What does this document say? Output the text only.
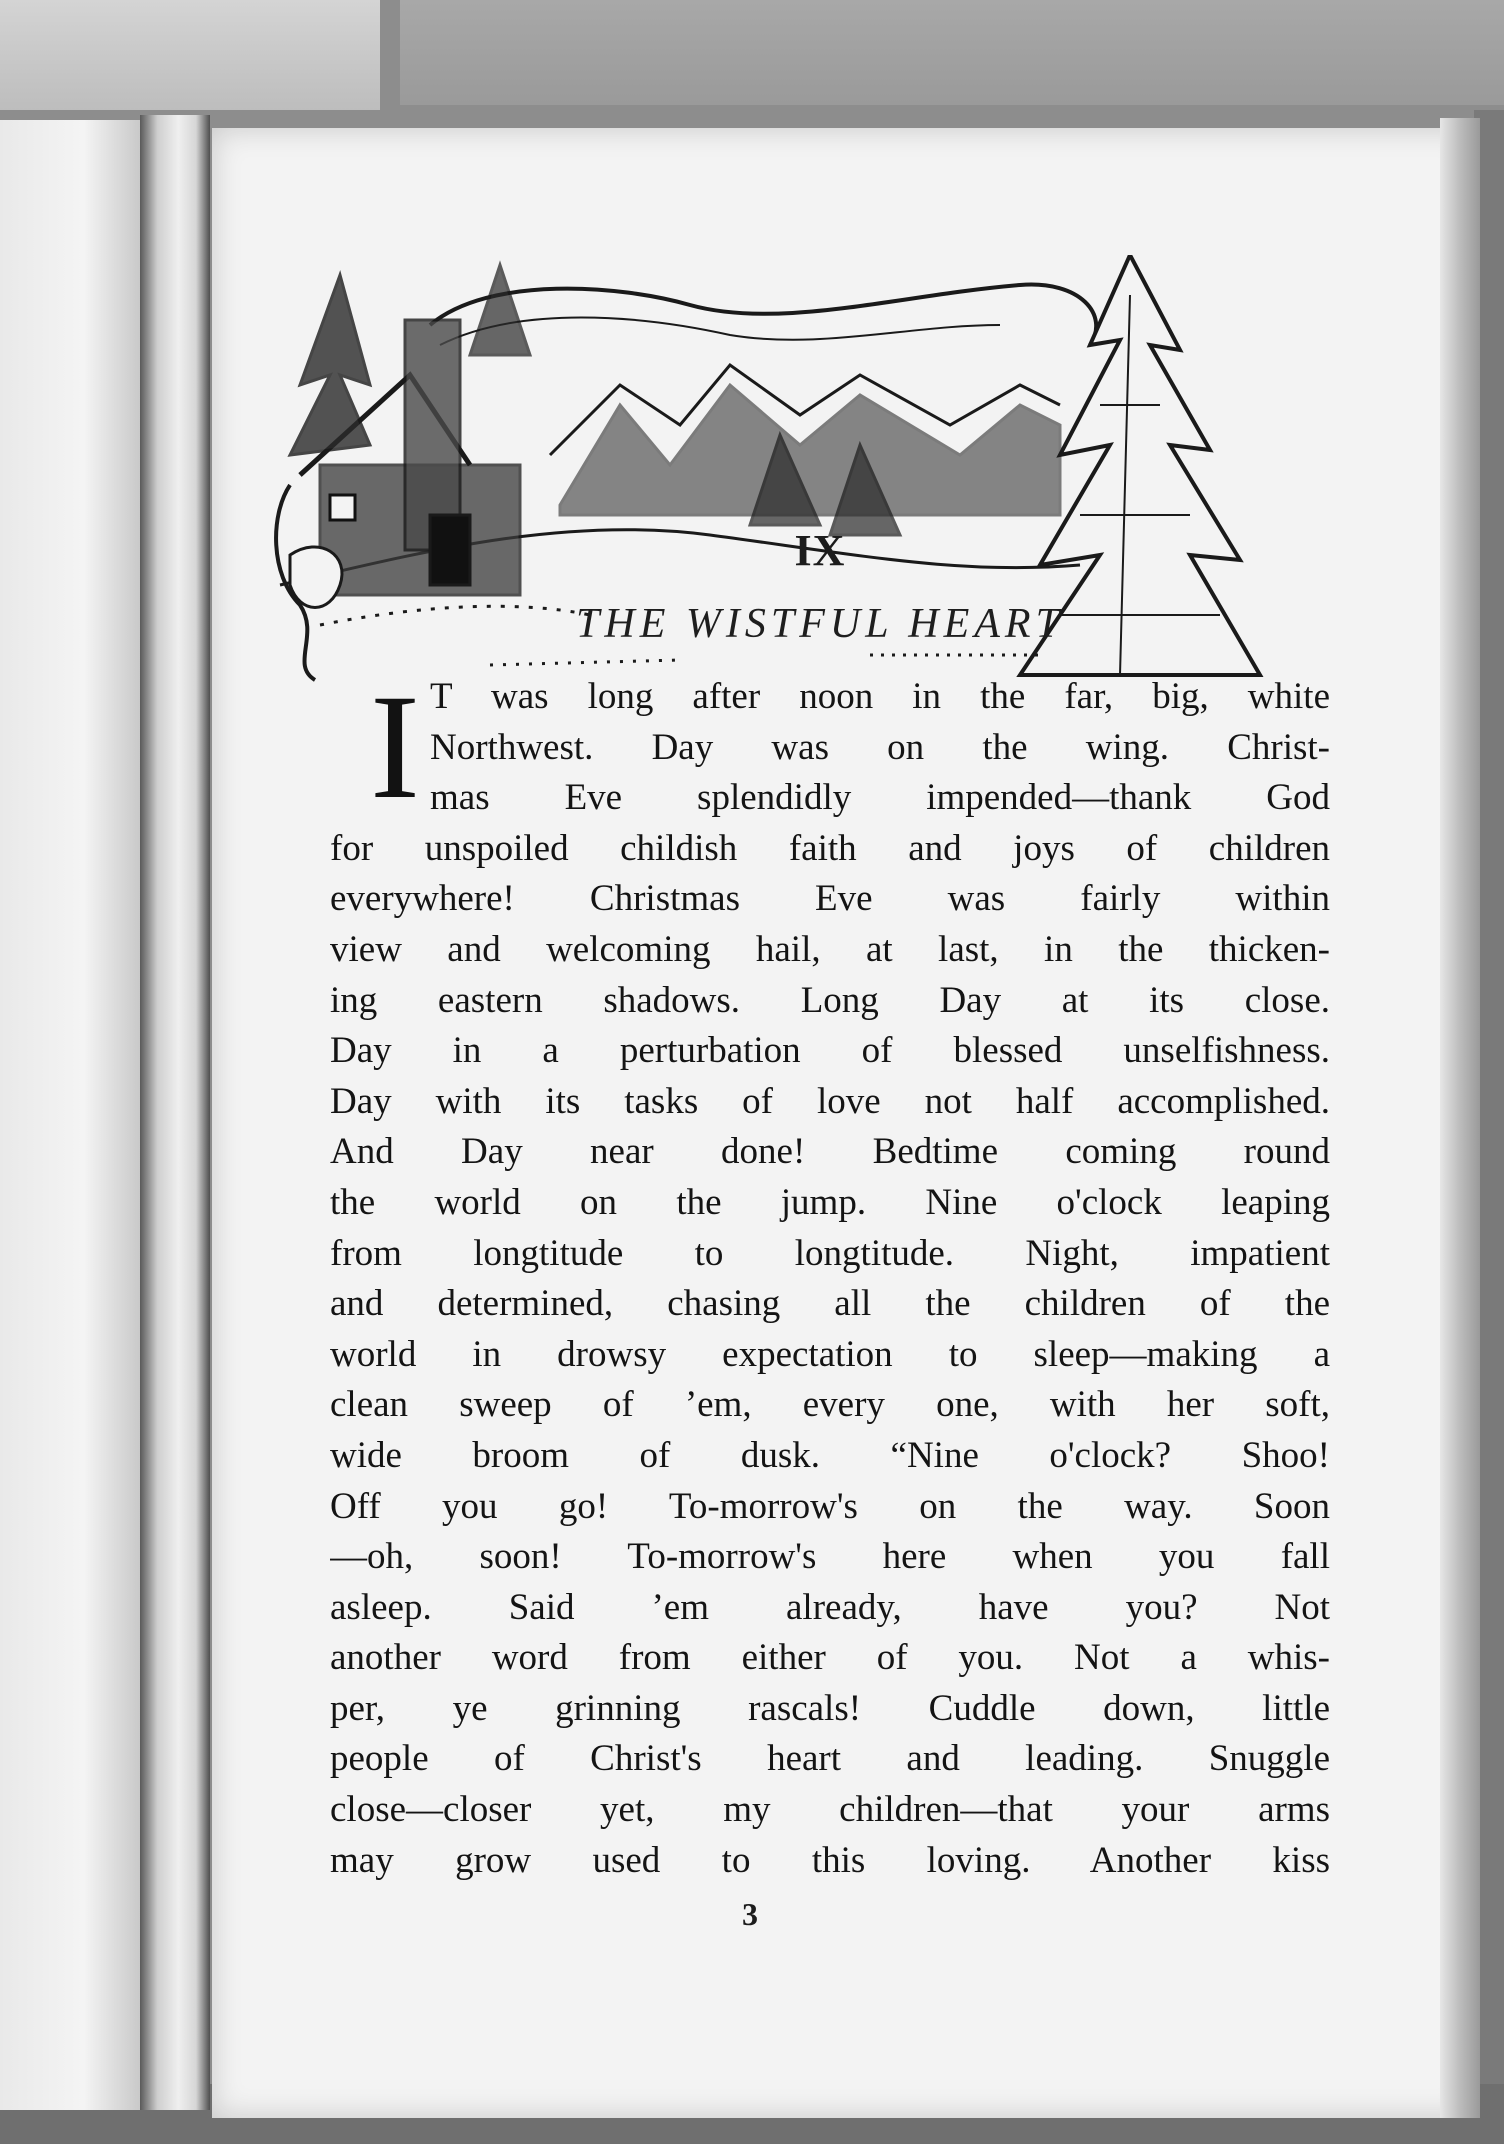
IX
THE WISTFUL HEART
I T was long after noon in the far, big, white
Northwest. Day was on the wing. Christ-
mas Eve splendidly impended—thank God
for unspoiled childish faith and joys of children
everywhere! Christmas Eve was fairly within
view and welcoming hail, at last, in the thicken-
ing eastern shadows. Long Day at its close.
Day in a perturbation of blessed unselfishness.
Day with its tasks of love not half accomplished.
And Day near done! Bedtime coming round
the world on the jump. Nine o'clock leaping
from longtitude to longtitude. Night, impatient
and determined, chasing all the children of the
world in drowsy expectation to sleep—making a
clean sweep of ’em, every one, with her soft,
wide broom of dusk. “Nine o'clock? Shoo!
Off you go! To-morrow's on the way. Soon
—oh, soon! To-morrow's here when you fall
asleep. Said ’em already, have you? Not
another word from either of you. Not a whis-
per, ye grinning rascals! Cuddle down, little
people of Christ's heart and leading. Snuggle
close—closer yet, my children—that your arms
may grow used to this loving. Another kiss
3
